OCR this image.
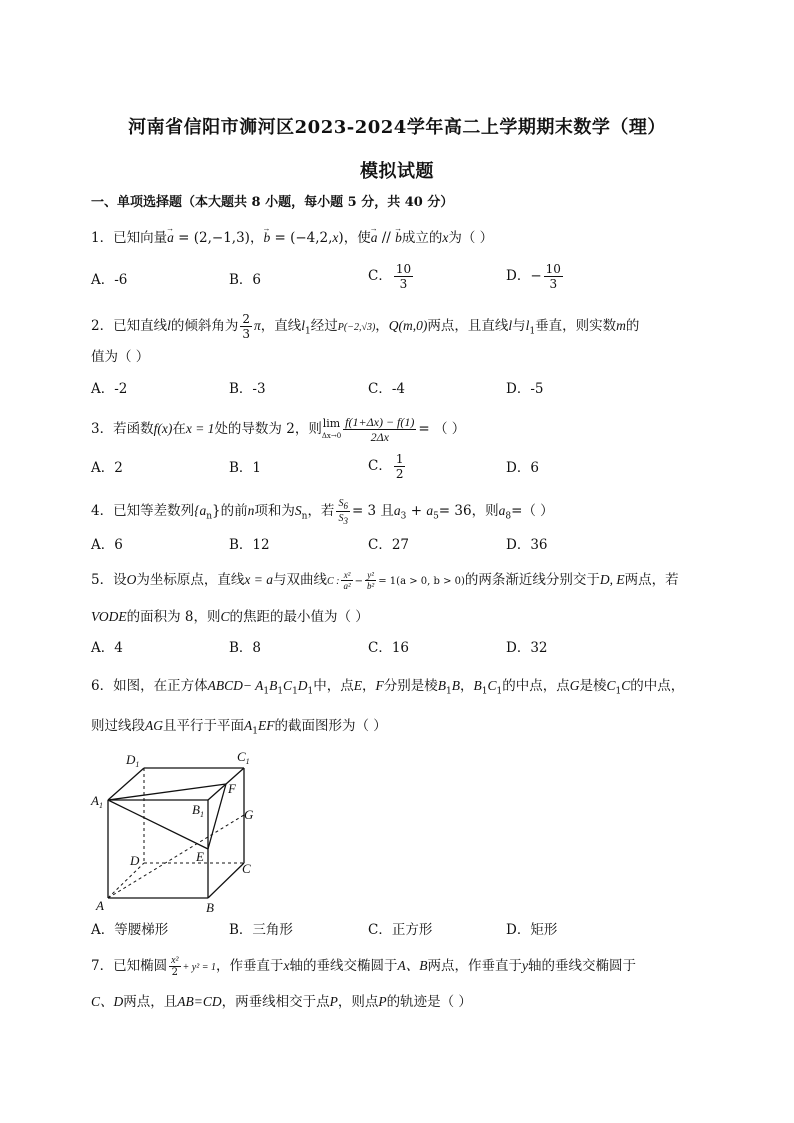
河南省信阳市浉河区2023-2024学年高二上学期期末数学（理）
模拟试题
一、单项选择题（本大题共 8 小题，每小题 5 分，共 40 分）
1．已知向量→ a = (2,−1,3)，→ b = (−4,2,x)，使→ a // → b成立的x为（ ）
A．-6	B．6	C． $\frac{10}{3}$	D．− $\frac{10}{3}$
2．已知直线l的倾斜角为 $\frac{2}{3}$ π，直线$l_1$经过P(−2,√3)，Q(m,0)两点，且直线l与$l_1$垂直，则实数m的
值为（ ）
A．-2	B．-3	C．-4	D．-5
3．若函数f(x)在x = 1处的导数为 2，则lim
$\Delta x\to 0 \frac{f(1+\Delta x) - f(1)}{2\Delta x}$ = （ ）
A．2	B．1	C． $\frac{1}{2}$	D．6
4．已知等差数列$\{a_n\}$的前n项和为$S_n$，若 $\frac{S_6}{S_3} = 3$ 且$a_3 + a_5= 36$，则$a_8=$（ ）
A．6	B．12	C．27	D．36
5．设O为坐标原点，直线x = a与双曲线C : $\frac{\text{x²}}{\text{a²}} - \frac{\text{y²}}{\text{b²}} = 1(a > 0$, b > 0)的两条渐近线分别交于D, E两点，若
VODE的面积为 8，则C的焦距的最小值为（ ）
A．4	B．8	C．16	D．32
6．如图，在正方体ABCD− $A_1B_1C_1D_1$中，点E，F分别是棱$B_1B$，$B_1C_1$的中点，点G是棱$C_1C$的中点，
则过线段AG且平行于平面$A_1EF$的截面图形为（ ）
$D_1$
$C_1$
$A_1$
F
$B_1$	G
D	E
C
A	B
A．等腰梯形	B．三角形	C．正方形	D．矩形
7．已知椭圆 $\frac{\text{x²}}{2} + y^2 = 1$，作垂直于x轴的垂线交椭圆于A、B两点，作垂直于y轴的垂线交椭圆于
C、D两点，且AB=CD，两垂线相交于点P，则点P的轨迹是（ ）
